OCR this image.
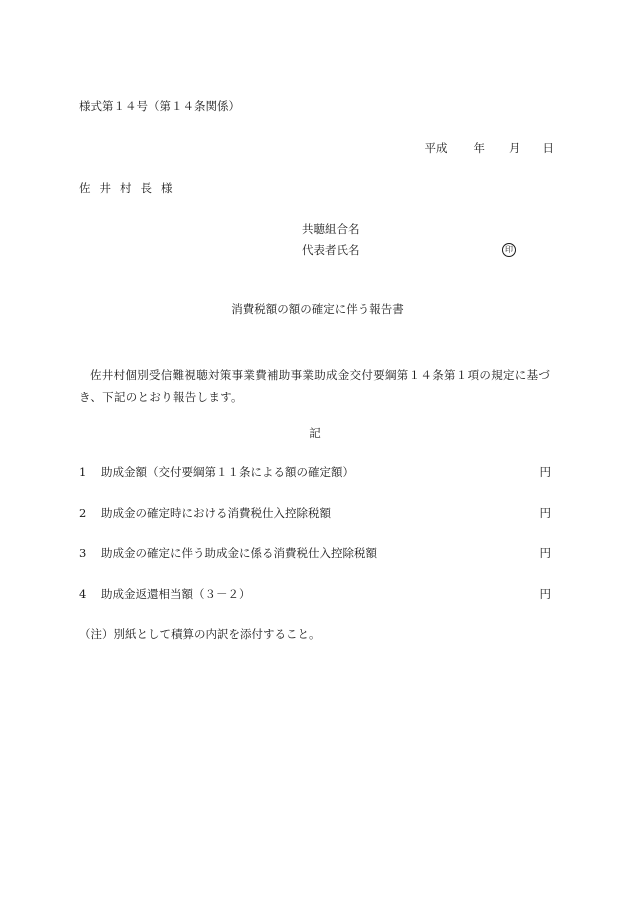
様式第１４号（第１４条関係）
平成 年 月 日
佐井村長様
共聴組合名
代表者氏名	印
消費税額の額の確定に伴う報告書
佐井村個別受信難視聴対策事業費補助事業助成金交付要綱第１４条第１項の規定に基づき、下記のとおり報告します。
記
1 助成金額（交付要綱第１１条による額の確定額）	円
2 助成金の確定時における消費税仕入控除税額	円
3 助成金の確定に伴う助成金に係る消費税仕入控除税額	円
4 助成金返還相当額（３－２）	円
（注）別紙として積算の内訳を添付すること。
